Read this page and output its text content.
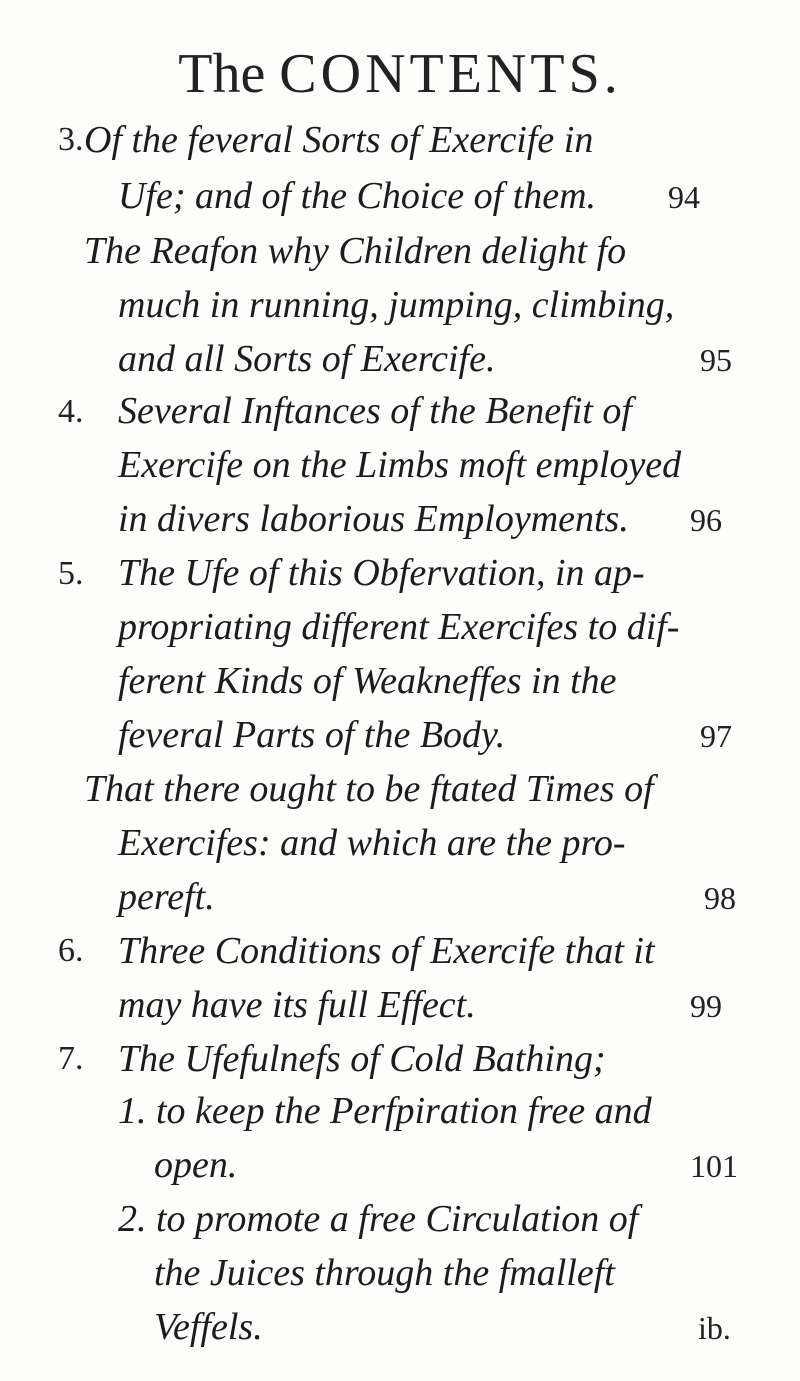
The CONTENTS.
3. Of the feveral Sorts of Exercife in
Ufe; and of the Choice of them. 94
The Reafon why Children delight fo
much in running, jumping, climbing,
and all Sorts of Exercife.	95
4. Several Inftances of the Benefit of
Exercife on the Limbs moft employed
in divers laborious Employments. 96
5. The Ufe of this Obfervation, in ap-
propriating different Exercifes to dif-
ferent Kinds of Weakneffes in the
feveral Parts of the Body.	97
That there ought to be ftated Times of
Exercifes: and which are the pro-
pereft.	98
6. Three Conditions of Exercife that it
may have its full Effect.	99
7. The Ufefulnefs of Cold Bathing;
1. to keep the Perfpiration free and
open.	101
2. to promote a free Circulation of
the Juices through the fmalleft
Veffels.	ib.
